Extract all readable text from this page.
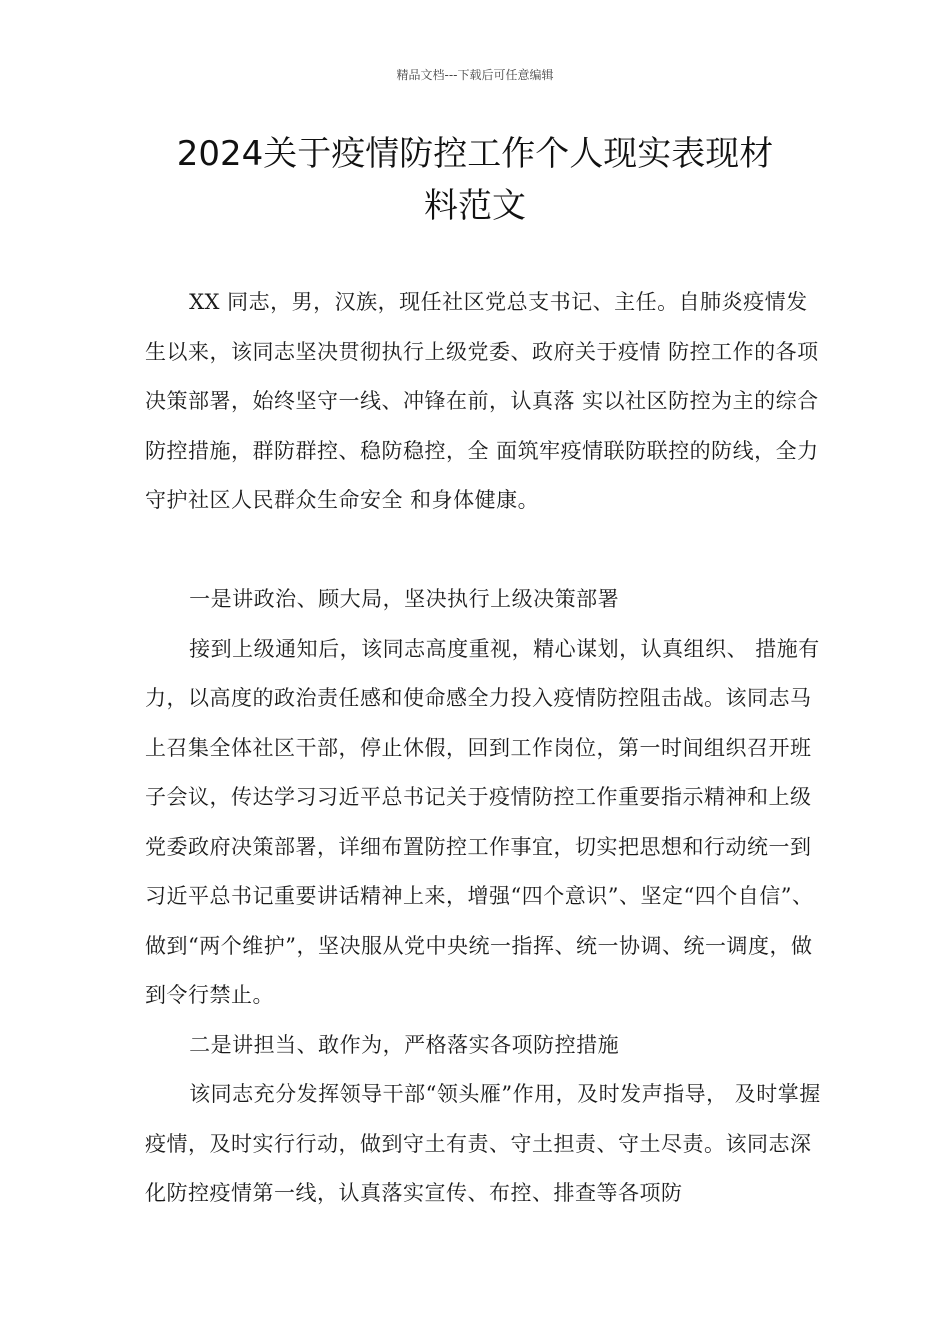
精品文档---下载后可任意编辑
2024关于疫情防控工作个人现实表现材
料范文

XX 同志，男，汉族，现任社区党总支书记、主任。自肺炎疫情发生以来，该同志坚决贯彻执行上级党委、政府关于疫情 防控工作的各项决策部署，始终坚守一线、冲锋在前，认真落 实以社区防控为主的综合防控措施，群防群控、稳防稳控，全 面筑牢疫情联防联控的防线，全力守护社区人民群众生命安全 和身体健康。

一是讲政治、顾大局，坚决执行上级决策部署

接到上级通知后，该同志高度重视，精心谋划，认真组织、 措施有力，以高度的政治责任感和使命感全力投入疫情防控阻击战。该同志马上召集全体社区干部，停止休假，回到工作岗位，第一时间组织召开班子会议，传达学习习近平总书记关于疫情防控工作重要指示精神和上级党委政府决策部署，详细布置防控工作事宜，切实把思想和行动统一到习近平总书记重要讲话精神上来，增强“四个意识”、坚定“四个自信”、做到“两个维护”，坚决服从党中央统一指挥、统一协调、统一调度，做到令行禁止。

二是讲担当、敢作为，严格落实各项防控措施

该同志充分发挥领导干部“领头雁”作用，及时发声指导， 及时掌握疫情，及时实行行动，做到守土有责、守土担责、守土尽责。该同志深化防控疫情第一线，认真落实宣传、布控、排查等各项防
